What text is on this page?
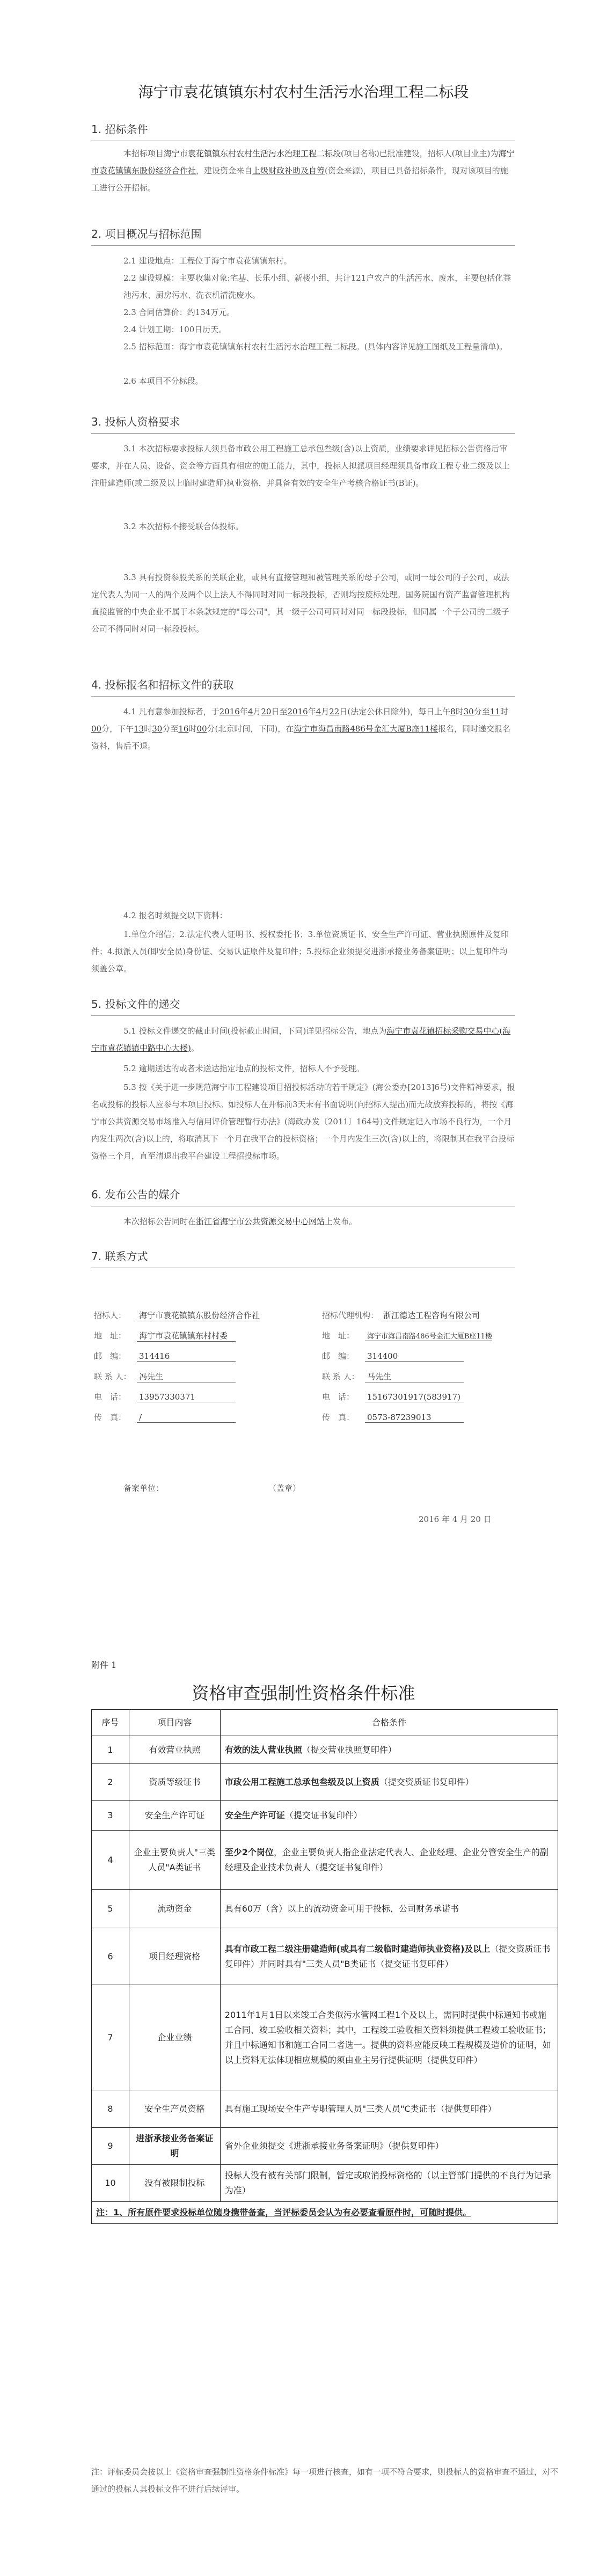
海宁市袁花镇镇东村农村生活污水治理工程二标段
1. 招标条件
本招标项目海宁市袁花镇镇东村农村生活污水治理工程二标段(项目名称)已批准建设，招标人(项目业主)为海宁市袁花镇镇东股份经济合作社，建设资金来自上级财政补助及自筹(资金来源)，项目已具备招标条件，现对该项目的施工进行公开招标。
2. 项目概况与招标范围
2.1 建设地点：工程位于海宁市袁花镇镇东村。
2.2 建设规模：主要收集对象:宅基、长乐小组、新楼小组，共计121户农户的生活污水、废水，主要包括化粪池污水、厨房污水、洗衣机清洗废水。
2.3 合同估算价：约134万元。
2.4 计划工期：100日历天。
2.5 招标范围：海宁市袁花镇镇东村农村生活污水治理工程二标段。(具体内容详见施工图纸及工程量清单)。
2.6 本项目不分标段。
3. 投标人资格要求
3.1 本次招标要求投标人须具备市政公用工程施工总承包叁级(含)以上资质，业绩要求详见招标公告资格后审要求，并在人员、设备、资金等方面具有相应的施工能力，其中，投标人拟派项目经理须具备市政工程专业二级及以上注册建造师(或二级及以上临时建造师)执业资格，并具备有效的安全生产考核合格证书(B证)。
3.2 本次招标不接受联合体投标。
3.3 具有投资参股关系的关联企业，或具有直接管理和被管理关系的母子公司，或同一母公司的子公司，或法定代表人为同一人的两个及两个以上法人不得同时对同一标段投标，否则均按废标处理。国务院国有资产监督管理机构直接监管的中央企业不属于本条款规定的"母公司"，其一级子公司可同时对同一标段投标，但同属一个子公司的二级子公司不得同时对同一标段投标。
4. 投标报名和招标文件的获取
4.1 凡有意参加投标者，于2016年4月20日至2016年4月22日(法定公休日除外)，每日上午8时30分至11时00分，下午13时30分至16时00分(北京时间，下同)，在海宁市海昌南路486号金汇大厦B座11楼报名，同时递交报名资料，售后不退。
4.2 报名时须提交以下资料：
1.单位介绍信；2.法定代表人证明书、授权委托书；3.单位资质证书、安全生产许可证、营业执照原件及复印件；4.拟派人员(即安全员)身份证、交易认证原件及复印件；5.投标企业须提交进浙承接业务备案证明；以上复印件均须盖公章。
5. 投标文件的递交
5.1 投标文件递交的截止时间(投标截止时间，下同)详见招标公告，地点为海宁市袁花镇招标采购交易中心(海宁市袁花镇镇中路中心大楼)。
5.2 逾期送达的或者未送达指定地点的投标文件，招标人不予受理。
5.3 按《关于进一步规范海宁市工程建设项目招投标活动的若干规定》(海公委办[2013]6号)文件精神要求，报名或投标的投标人应参与本项目投标。如投标人在开标前3天未有书面说明(向招标人提出)而无故放弃投标的，将按《海宁市公共资源交易市场准入与信用评价管理暂行办法》(海政办发〔2011〕164号)文件规定记入市场不良行为，一个月内发生两次(含)以上的，将取消其下一个月在我平台的投标资格；一个月内发生三次(含)以上的，将限制其在我平台投标资格三个月，直至清退出我平台建设工程招投标市场。
6. 发布公告的媒介
本次招标公告同时在浙江省海宁市公共资源交易中心网站上发布。
7. 联系方式
招标人： 海宁市袁花镇镇东股份经济合作社
地　址： 海宁市袁花镇镇东村村委
邮　编： 314416
联 系 人： 冯先生
电　话： 13957330371
传　真： /
招标代理机构： 浙江德达工程咨询有限公司
地　址： 海宁市海昌南路486号金汇大厦B座11楼
邮　编： 314400
联 系 人： 马先生
电　话： 15167301917(583917)
传　真： 0573-87239013
备案单位：	（盖章）
2016 年 4 月 20 日
附件 1
资格审查强制性资格条件标准
序号	项目内容	合格条件
1	有效营业执照	有效的法人营业执照（提交营业执照复印件）
2	资质等级证书	市政公用工程施工总承包叁级及以上资质（提交资质证书复印件）
3	安全生产许可证	安全生产许可证（提交证书复印件）
4	企业主要负责人"三类人员"A类证书	至少2个岗位，企业主要负责人指企业法定代表人、企业经理、企业分管安全生产的副经理及企业技术负责人（提交证书复印件）
5	流动资金	具有60万（含）以上的流动资金可用于投标，公司财务承诺书
6	项目经理资格	具有市政工程二级注册建造师(或具有二级临时建造师执业资格)及以上（提交资质证书复印件）并同时具有"三类人员"B类证书（提交证书复印件）
7	企业业绩	2011年1月1日以来竣工合类似污水管网工程1个及以上，需同时提供中标通知书或施工合同、竣工验收相关资料；其中，工程竣工验收相关资料须提供工程竣工验收证书；并且中标通知书和施工合同二者选一。提供的资料应能反映工程规模及造价的证明，如以上资料无法体现相应规模的须由业主另行提供证明（提供复印件）
8	安全生产员资格	具有施工现场安全生产专职管理人员"三类人员"C类证书（提供复印件）
9	进浙承接业务备案证明	省外企业须提交《进浙承接业务备案证明》（提供复印件）
10	没有被限制投标	投标人没有被有关部门限制，暂定或取消投标资格的（以主管部门提供的不良行为记录为准）
注：1、所有原件要求投标单位随身携带备查，当评标委员会认为有必要查看原件时，可随时提供。		
注：评标委员会按以上《资格审查强制性资格条件标准》每一项进行核查，如有一项不符合要求，则投标人的资格审查不通过，对不通过的投标人其投标文件不进行后续评审。
